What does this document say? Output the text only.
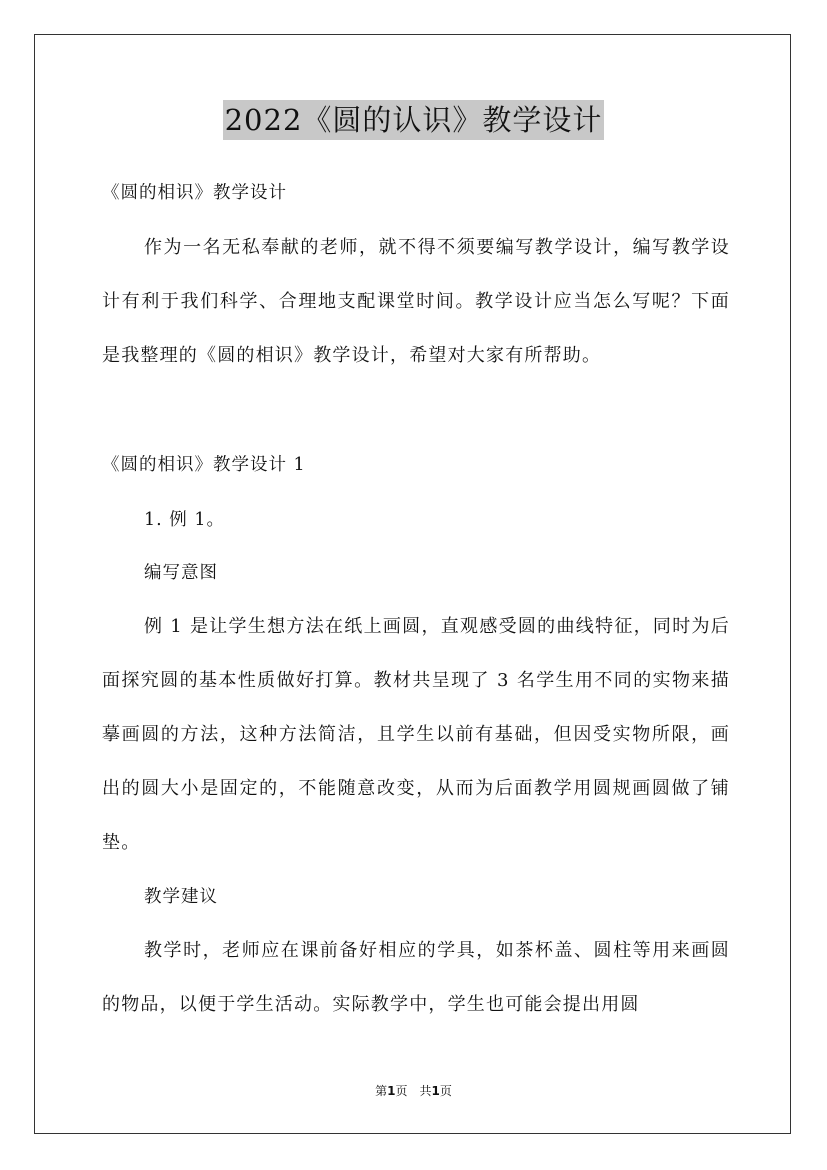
2022《圆的认识》教学设计
《圆的相识》教学设计

作为一名无私奉献的老师，就不得不须要编写教学设计，编写教学设计有利于我们科学、合理地支配课堂时间。教学设计应当怎么写呢？下面是我整理的《圆的相识》教学设计，希望对大家有所帮助。

《圆的相识》教学设计 1
1. 例 1。
编写意图

例 1 是让学生想方法在纸上画圆，直观感受圆的曲线特征，同时为后面探究圆的基本性质做好打算。教材共呈现了 3 名学生用不同的实物来描摹画圆的方法，这种方法简洁，且学生以前有基础，但因受实物所限，画出的圆大小是固定的，不能随意改变，从而为后面教学用圆规画圆做了铺垫。

教学建议

教学时，老师应在课前备好相应的学具，如茶杯盖、圆柱等用来画圆的物品，以便于学生活动。实际教学中，学生也可能会提出用圆

第1页　共1页
